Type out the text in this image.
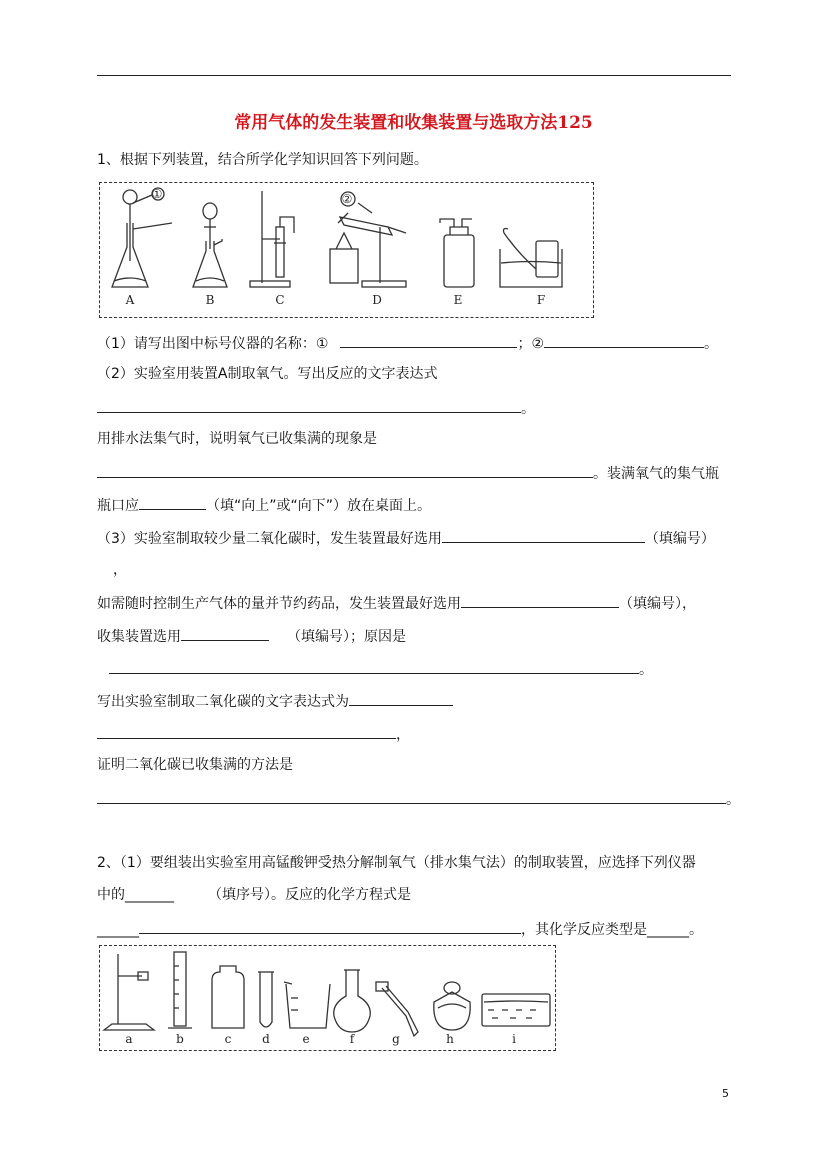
常用气体的发生装置和收集装置与选取方法125
1、根据下列装置，结合所学化学知识回答下列问题。
①	②
A	B	C	D	E	F
（1）请写出图中标号仪器的名称：①	；②	。
（2）实验室用装置A制取氧气。写出反应的文字表达式
。
用排水法集气时，说明氧气已收集满的现象是
。装满氧气的集气瓶
瓶口应	（填“向上”或“向下”）放在桌面上。
（3）实验室制取较少量二氧化碳时，发生装置最好选用	（填编号）
，
如需随时控制生产气体的量并节约药品，发生装置最好选用	（填编号），
收集装置选用	（填编号）；原因是
。
写出实验室制取二氧化碳的文字表达式为
，
证明二氧化碳已收集满的方法是
。
2、（1）要组装出实验室用高锰酸钾受热分解制氧气（排水集气法）的制取装置，应选择下列仪器
中的_______ （填序号）。反应的化学方程式是
______	，其化学反应类型是______。
a	b	c	d	e	f	g	h	i
5
